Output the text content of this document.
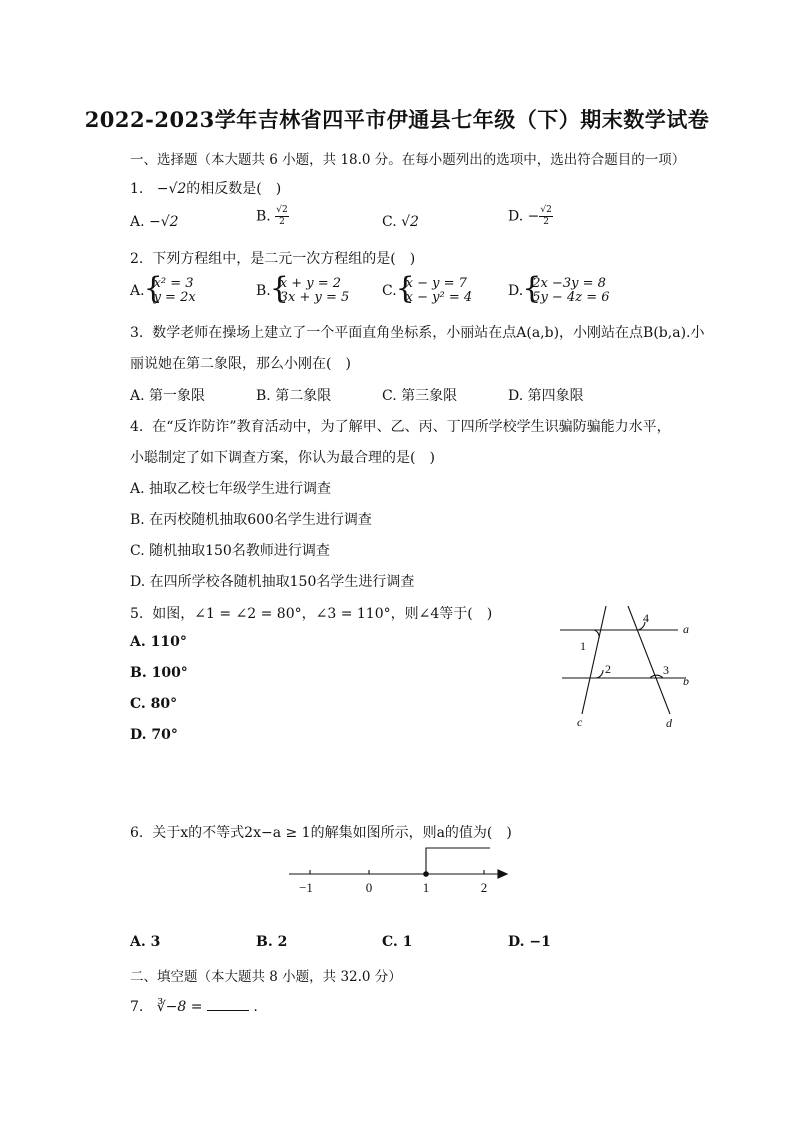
2022-2023学年吉林省四平市伊通县七年级（下）期末数学试卷
一、选择题（本大题共 6 小题，共 18.0 分。在每小题列出的选项中，选出符合题目的一项）
1. −√2的相反数是(　)
A. −√2	B. $\frac{√2}{2}$	C. √2	D. − $\frac{√2}{2}$
2. 下列方程组中，是二元一次方程组的是(　)
A. { x² = 3
y = 2x	B. { x + y = 2
3x + y = 5 C. { x − y = 7
x − y² = 4	D. { 2x −3y = 8
5y − 4z = 6
3. 数学老师在操场上建立了一个平面直角坐标系，小丽站在点A(a,b)，小刚站在点B(b,a).小
丽说她在第二象限，那么小刚在(　)
A. 第一象限	B. 第二象限	C. 第三象限	D. 第四象限
4. 在“反诈防诈”教育活动中，为了解甲、乙、丙、丁四所学校学生识骗防骗能力水平，
小聪制定了如下调查方案，你认为最合理的是(　)
A. 抽取乙校七年级学生进行调查
B. 在丙校随机抽取600名学生进行调查
C. 随机抽取150名教师进行调查
D. 在四所学校各随机抽取150名学生进行调查
5. 如图，∠1 = ∠2 = 80°，∠3 = 110°，则∠4等于(　)
A. 110°
B. 100°
C. 80°
D. 70°
1
2	3
4
a
b
c	d
6. 关于x的不等式2x−a ≥ 1的解集如图所示，则a的值为(　)
−1	0	1	2
A. 3	B. 2	C. 1	D. −1
二、填空题（本大题共 8 小题，共 32.0 分）
7. ∛−8 =	.
